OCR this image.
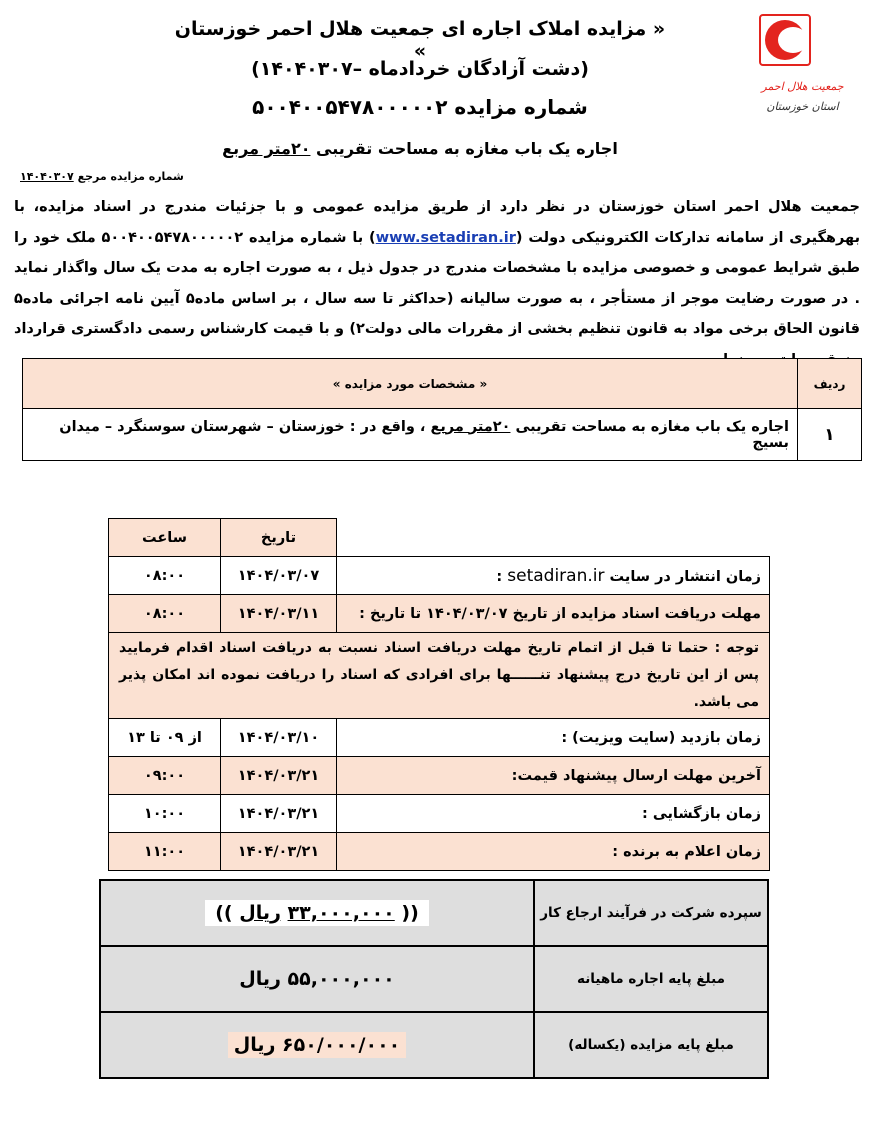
جمعیت هلال احمر
استان خوزستان
« مزایده املاک اجاره ای جمعیت هلال احمر خوزستان »
(دشت آزادگان خردادماه –۱۴۰۴۰۳۰۷)
شماره مزایده ۵۰۰۴۰۰۵۴۷۸۰۰۰۰۰۲
اجاره یک باب مغازه به مساحت تقریبی ۲۰متر مربع
شماره مزایده مرجع ۱۴۰۴۰۳۰۷
جمعیت هلال احمر استان خوزستان در نظر دارد از طریق مزایده عمومی و با جزئیات مندرج در اسناد مزایده، با بهرهگیری از سامانه تدارکات الکترونیکی دولت (www.setadiran.ir) با شماره مزایده ۵۰۰۴۰۰۵۴۷۸۰۰۰۰۰۲ ملک خود را طبق شرایط عمومی و خصوصی مزایده با مشخصات مندرج در جدول ذیل ، به صورت اجاره به مدت یک سال واگذار نماید . در صورت رضایت موجر از مستأجر ، به صورت سالیانه (حداکثر تا سه سال ، بر اساس ماده۵ آیین نامه اجرائی ماده۵ قانون الحاق برخی مواد به قانون تنظیم بخشی از مقررات مالی دولت۲) و با قیمت کارشناس رسمی دادگستری قرارداد
ردیف	« مشخصات مورد مزایده »
۱	اجاره یک باب مغازه به مساحت تقریبی ۲۰متر مربع ، واقع در : خوزستان – شهرستان سوسنگرد – میدان بسیج
	تاریخ	ساعت
زمان انتشار در سایت setadiran.ir :	۱۴۰۴/۰۳/۰۷	۰۸:۰۰
مهلت دریافت اسناد مزایده از تاریخ ۱۴۰۴/۰۳/۰۷ تا تاریخ :	۱۴۰۴/۰۳/۱۱	۰۸:۰۰
توجه : حتما تا قبل از اتمام تاریخ مهلت دریافت اسناد نسبت به دریافت اسناد اقدام فرمایید پس از این تاریخ درج پیشنهاد تنــــــها برای افرادی که اسناد را دریافت نموده اند امکان پذیر می باشد.		
زمان بازدید (سایت ویزیت) :	۱۴۰۴/۰۳/۱۰	از ۰۹ تا ۱۳
آخرین مهلت ارسال پیشنهاد قیمت:	۱۴۰۴/۰۳/۲۱	۰۹:۰۰
زمان بازگشایی :	۱۴۰۴/۰۳/۲۱	۱۰:۰۰
زمان اعلام به برنده :	۱۴۰۴/۰۳/۲۱	۱۱:۰۰
سپرده شرکت در فرآیند ارجاع کار	(( ۳۳,۰۰۰,۰۰۰ ریال ))
مبلغ پایه اجاره ماهیانه	۵۵,۰۰۰,۰۰۰ ریال
مبلغ پایه مزایده (یکساله)	۶۵۰/۰۰۰/۰۰۰ ریال
